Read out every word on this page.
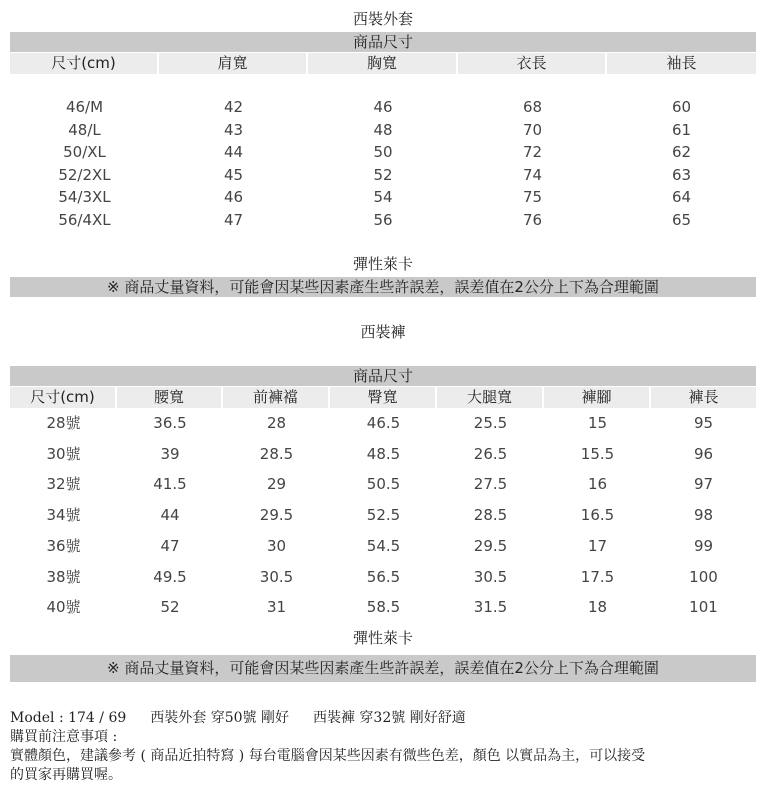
西裝外套
商品尺寸
尺寸(cm)	肩寬	胸寬	衣長	袖長
46/M	42	46	68	60
48/L	43	48	70	61
50/XL	44	50	72	62
52/2XL	45	52	74	63
54/3XL	46	54	75	64
56/4XL	47	56	76	65
彈性萊卡
※ 商品丈量資料，可能會因某些因素產生些許誤差，誤差值在2公分上下為合理範圍
西裝褲
商品尺寸
尺寸(cm)	腰寬	前褲襠	臀寬	大腿寬	褲腳	褲長
28號	36.5	28	46.5	25.5	15	95
30號	39	28.5	48.5	26.5	15.5	96
32號	41.5	29	50.5	27.5	16	97
34號	44	29.5	52.5	28.5	16.5	98
36號	47	30	54.5	29.5	17	99
38號	49.5	30.5	56.5	30.5	17.5	100
40號	52	31	58.5	31.5	18	101
彈性萊卡
※ 商品丈量資料，可能會因某些因素產生些許誤差，誤差值在2公分上下為合理範圍
Model : 174 / 69 西裝外套 穿50號 剛好 西裝褲 穿32號 剛好舒適
購買前注意事項 :
實體顏色，建議參考 ( 商品近拍特寫 ) 每台電腦會因某些因素有微些色差，顏色 以實品為主，可以接受
的買家再購買喔。
